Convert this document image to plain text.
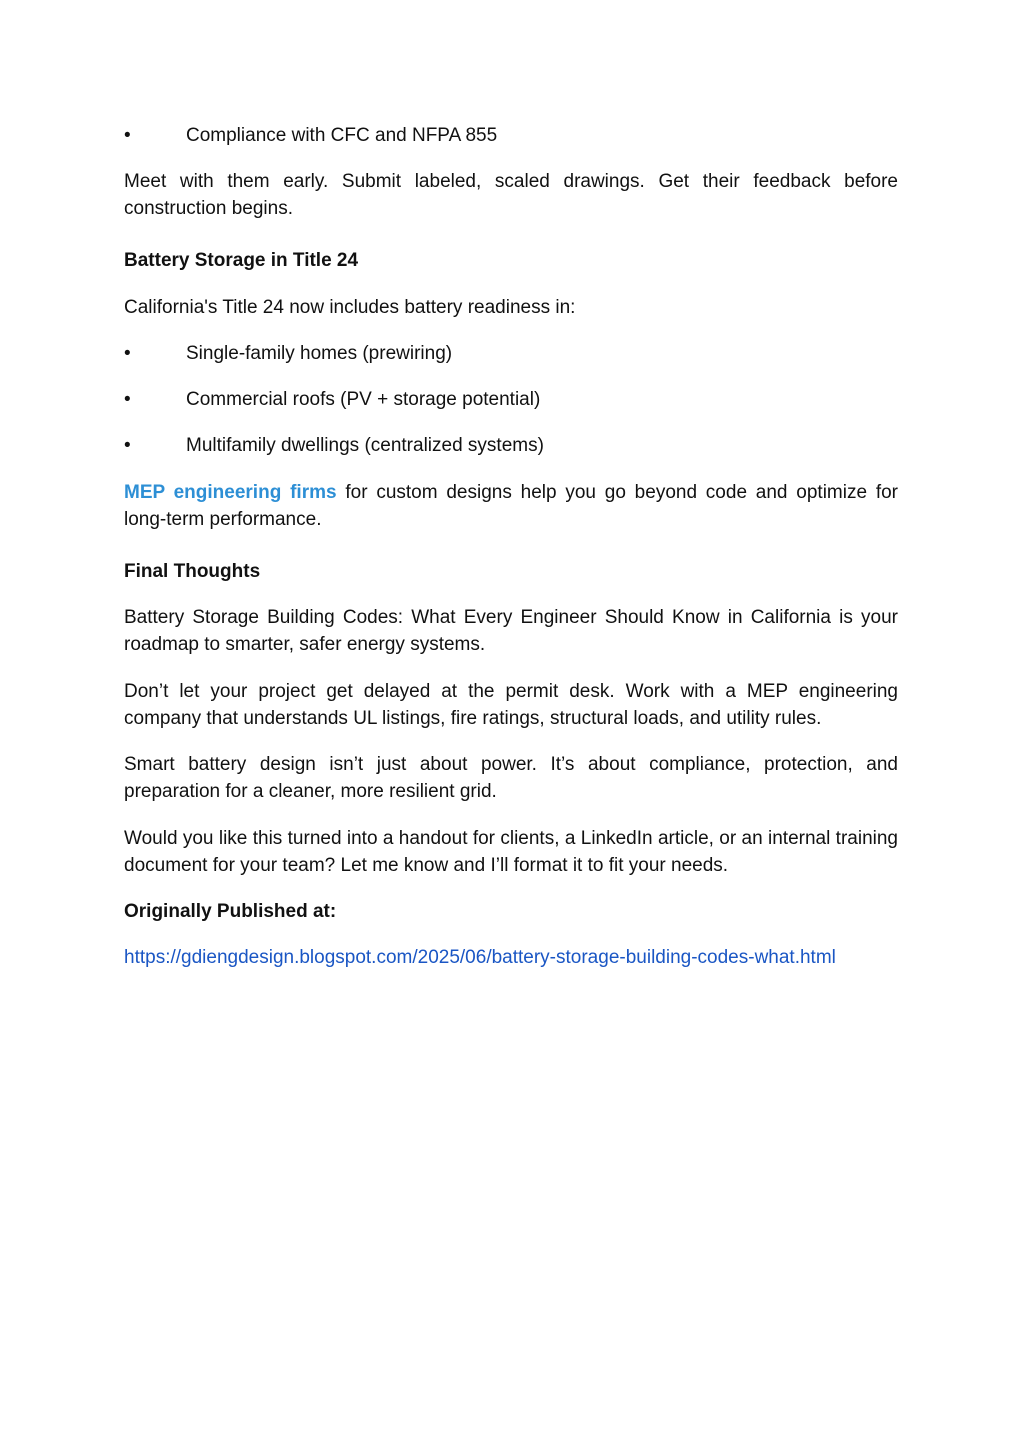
•	Compliance with CFC and NFPA 855

Meet with them early. Submit labeled, scaled drawings. Get their feedback before construction begins.

Battery Storage in Title 24

California's Title 24 now includes battery readiness in:

•	Single-family homes (prewiring)
•	Commercial roofs (PV + storage potential)
•	Multifamily dwellings (centralized systems)

MEP engineering firms for custom designs help you go beyond code and optimize for long-term performance.

Final Thoughts

Battery Storage Building Codes: What Every Engineer Should Know in California is your roadmap to smarter, safer energy systems.

Don’t let your project get delayed at the permit desk. Work with a MEP engineering company that understands UL listings, fire ratings, structural loads, and utility rules.

Smart battery design isn’t just about power. It’s about compliance, protection, and preparation for a cleaner, more resilient grid.

Would you like this turned into a handout for clients, a LinkedIn article, or an internal training document for your team? Let me know and I’ll format it to fit your needs.

Originally Published at:
https://gdiengdesign.blogspot.com/2025/06/battery-storage-building-codes-what.html
